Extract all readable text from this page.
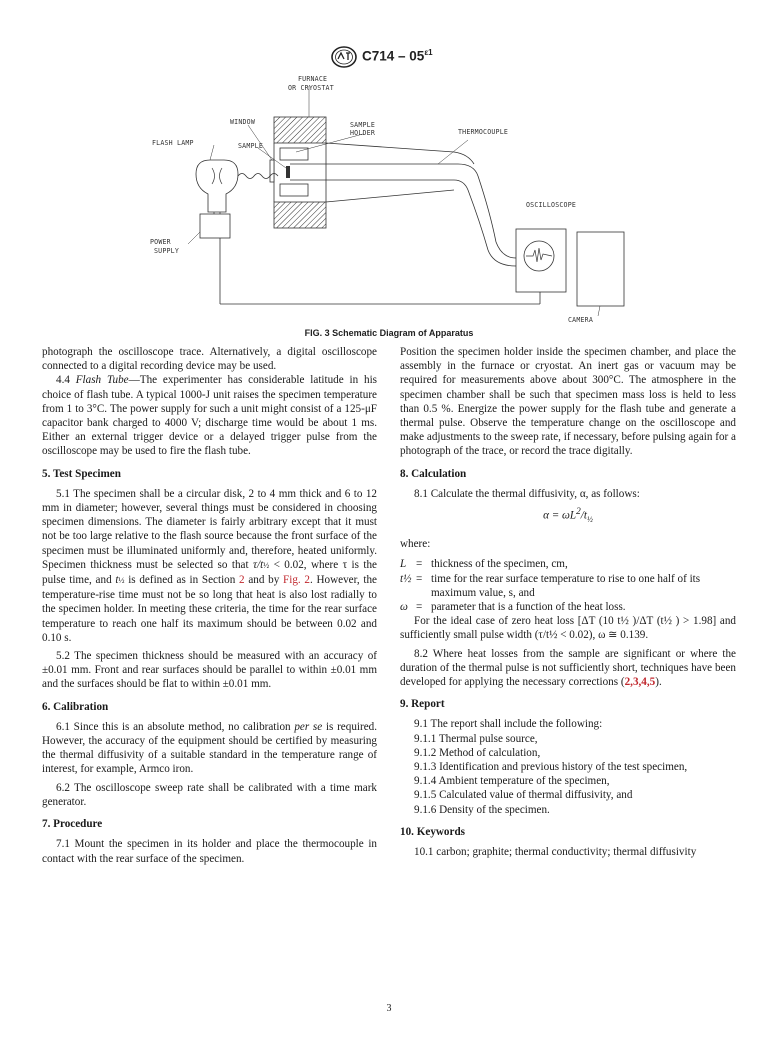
$C714 - 05^{\varepsilon 1}$
FURNACE
OR CRYOSTAT
WINDOW	SAMPLE
HOLDER	THERMOCOUPLE
FLASH LAMP	SAMPLE
OSCILLOSCOPE
POWER
SUPPLY
CAMERA
FIG. 3 Schematic Diagram of Apparatus

photograph the oscilloscope trace. Alternatively, a digital oscilloscope connected to a digital recording device may be used.

4.4 Flash Tube—The experimenter has considerable latitude in his choice of flash tube. A typical 1000-J unit raises the specimen temperature from 1 to 3°C. The power supply for such a unit might consist of a 125-μF capacitor bank charged to 4000 V; discharge time would be about 1 ms. Either an external trigger device or a delayed trigger pulse from the oscilloscope may be used to fire the flash tube.

5. Test Specimen

5.1 The specimen shall be a circular disk, 2 to 4 mm thick and 6 to 12 mm in diameter; however, several things must be considered in choosing specimen dimensions. The diameter is fairly arbitrary except that it must not be too large relative to the flash source because the front surface of the specimen must be illuminated uniformly and, therefore, heated uniformly. Specimen thickness must be selected so that τ/t½ < 0.02, where τ is the pulse time, and t½ is defined as in Section 2 and by Fig. 2. However, the temperature-rise time must not be so long that heat is also lost radially to the specimen holder. In meeting these criteria, the time for the rear surface temperature to reach one half its maximum should be between 0.02 and 0.10 s.

5.2 The specimen thickness should be measured with an accuracy of ±0.01 mm. Front and rear surfaces should be parallel to within ±0.01 mm and the surfaces should be flat to within ±0.01 mm.

6. Calibration

6.1 Since this is an absolute method, no calibration per se is required. However, the accuracy of the equipment should be certified by measuring the thermal diffusivity of a suitable standard in the temperature range of interest, for example, Armco iron.

6.2 The oscilloscope sweep rate shall be calibrated with a time mark generator.

7. Procedure

7.1 Mount the specimen in its holder and place the thermocouple in contact with the rear surface of the specimen.

Position the specimen holder inside the specimen chamber, and place the assembly in the furnace or cryostat. An inert gas or vacuum may be required for measurements above about 300°C. The atmosphere in the specimen chamber shall be such that specimen mass loss is held to less than 0.5 %. Energize the power supply for the flash tube and generate a thermal pulse. Observe the temperature change on the oscilloscope and make adjustments to the sweep rate, if necessary, before pulsing again for a photograph of the trace, or record the trace digitally.

8. Calculation

8.1 Calculate the thermal diffusivity, α, as follows:

$\alpha = \omega L^2/t_{\frac{1}{2}}$

where:

L = thickness of the specimen, cm,
t½ = time for the rear surface temperature to rise to one half of its maximum value, s, and
ω = parameter that is a function of the heat loss.

For the ideal case of zero heat loss [ΔT (10 t½ )/ΔT (t½ ) > 1.98] and sufficiently small pulse width (τ/t½ < 0.02), ω ≅ 0.139.

8.2 Where heat losses from the sample are significant or where the duration of the thermal pulse is not sufficiently short, techniques have been developed for applying the necessary corrections (2,3,4,5).

9. Report

9.1 The report shall include the following:

9.1.1 Thermal pulse source,

9.1.2 Method of calculation,

9.1.3 Identification and previous history of the test specimen,

9.1.4 Ambient temperature of the specimen,

9.1.5 Calculated value of thermal diffusivity, and

9.1.6 Density of the specimen.

10. Keywords

10.1 carbon; graphite; thermal conductivity; thermal diffusivity

3
